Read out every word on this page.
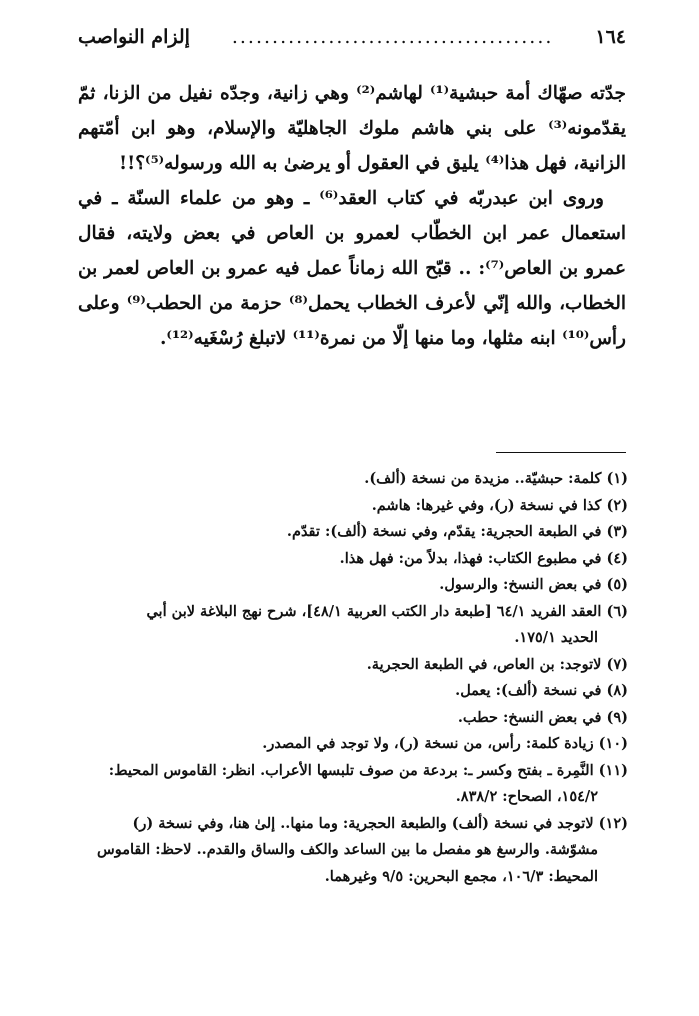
١٦٤
........................................
إلزام النواصب

جدّته صهّاك أمة حبشية⁽¹⁾ لهاشم⁽²⁾ وهي زانية، وجدّه نفيل من الزنا، ثمّ يقدّمونه⁽³⁾ على بني هاشم ملوك الجاهليّة والإسلام، وهو ابن أمّتهم الزانية، فهل هذا⁽⁴⁾ يليق في العقول أو يرضىٰ به الله ورسوله⁽⁵⁾؟!!

وروى ابن عبدربّه في كتاب العقد⁽⁶⁾ ـ وهو من علماء السنّة ـ في استعمال عمر ابن الخطّاب لعمرو بن العاص في بعض ولايته، فقال عمرو بن العاص⁽⁷⁾: .. قبّح الله زماناً عمل فيه عمرو بن العاص لعمر بن الخطاب، والله إنّي لأعرف الخطاب يحمل⁽⁸⁾ حزمة من الحطب⁽⁹⁾ وعلى رأس⁽¹⁰⁾ ابنه مثلها، وما منها إلّا من نمرة⁽¹¹⁾ لاتبلغ رُسْغَيه⁽¹²⁾.

(١) كلمة: حبشيّة.. مزيدة من نسخة (ألف).

(٢) كذا في نسخة (ر)، وفي غيرها: هاشم.

(٣) في الطبعة الحجرية: يقدّم، وفي نسخة (ألف): تقدّم.

(٤) في مطبوع الكتاب: فهذا، بدلاً من: فهل هذا.

(٥) في بعض النسخ: والرسول.

(٦) العقد الفريد ٦٤/١ [طبعة دار الكتب العربية ٤٨/١]، شرح نهج البلاغة لابن أبي
الحديد ١٧٥/١.

(٧) لاتوجد: بن العاص، في الطبعة الحجرية.

(٨) في نسخة (ألف): يعمل.

(٩) في بعض النسخ: حطب.

(١٠) زيادة كلمة: رأس، من نسخة (ر)، ولا توجد في المصدر.

(١١) النَّمِرة ـ بفتح وكسر ـ: بردعة من صوف تلبسها الأعراب. انظر: القاموس المحيط:
١٥٤/٢، الصحاح: ٨٣٨/٢.

(١٢) لاتوجد في نسخة (ألف) والطبعة الحجرية: وما منها.. إلىٰ هنا، وفي نسخة (ر)
مشوّشة. والرسغ هو مفصل ما بين الساعد والكف والساق والقدم.. لاحظ: القاموس المحيط: ١٠٦/٣، مجمع البحرين: ٩/٥ وغيرهما.
